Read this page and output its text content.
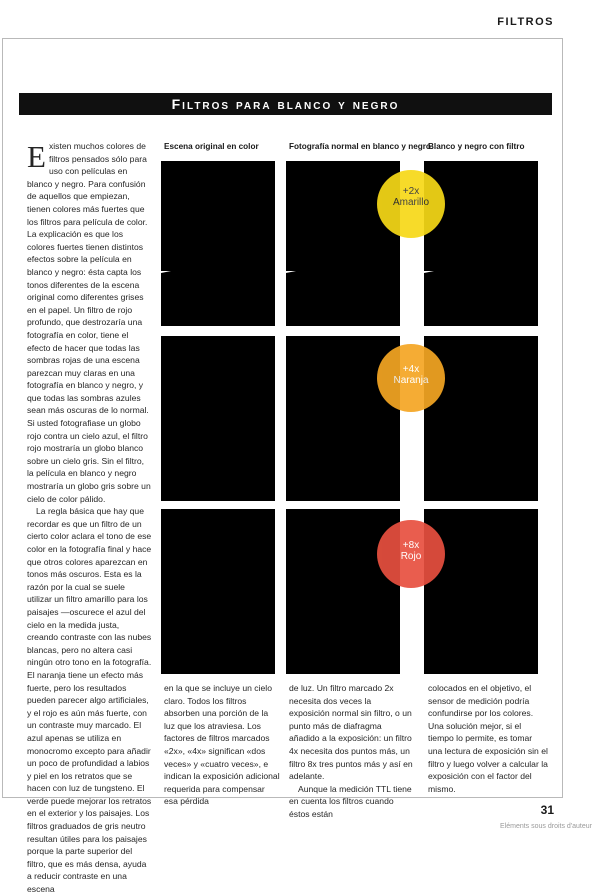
FILTROS
Filtros para blanco y negro
Escena original en color	Fotografía normal en blanco y negro
Blanco y negro con filtro
+2x
Amarillo
+4x
Naranja
+8x
Rojo

Existen muchos colores de filtros pensados sólo para uso con películas en blanco y negro. Para confusión de aquellos que empiezan, tienen colores más fuertes que los filtros para película de color. La explicación es que los colores fuertes tienen distintos efectos sobre la película en blanco y negro: ésta capta los tonos diferentes de la escena original como diferentes grises en el papel. Un filtro de rojo profundo, que destrozaría una fotografía en color, tiene el efecto de hacer que todas las sombras rojas de una escena parezcan muy claras en una fotografía en blanco y negro, y que todas las sombras azules sean más oscuras de lo normal. Si usted fotografiase un globo rojo contra un cielo azul, el filtro rojo mostraría un globo blanco sobre un cielo gris. Sin el filtro, la película en blanco y negro mostraría un globo gris sobre un cielo de color pálido.

La regla básica que hay que recordar es que un filtro de un cierto color aclara el tono de ese color en la fotografía final y hace que otros colores aparezcan en tonos más oscuros. Esta es la razón por la cual se suele utilizar un filtro amarillo para los paisajes —oscurece el azul del cielo en la medida justa, creando contraste con las nubes blancas, pero no altera casi ningún otro tono en la fotografía. El naranja tiene un efecto más fuerte, pero los resultados pueden parecer algo artificiales, y el rojo es aún más fuerte, con un contraste muy marcado. El azul apenas se utiliza en monocromo excepto para añadir un poco de profundidad a labios y piel en los retratos que se hacen con luz de tungsteno. El verde puede mejorar los retratos en el exterior y los paisajes. Los filtros graduados de gris neutro resultan útiles para los paisajes porque la parte superior del filtro, que es más densa, ayuda a reducir contraste en una escena

en la que se incluye un cielo claro. Todos los filtros absorben una porción de la luz que los atraviesa. Los factores de filtros marcados «2x», «4x» significan «dos veces» y «cuatro veces», e indican la exposición adicional requerida para compensar esa pérdida

de luz. Un filtro marcado 2x necesita dos veces la exposición normal sin filtro, o un punto más de diafragma añadido a la exposición: un filtro 4x necesita dos puntos más, un filtro 8x tres puntos más y así en adelante.

Aunque la medición TTL tiene en cuenta los filtros cuando éstos están

colocados en el objetivo, el sensor de medición podría confundirse por los colores. Una solución mejor, si el tiempo lo permite, es tomar una lectura de exposición sin el filtro y luego volver a calcular la exposición con el factor del mismo.

31
Eléments sous droits d'auteur
